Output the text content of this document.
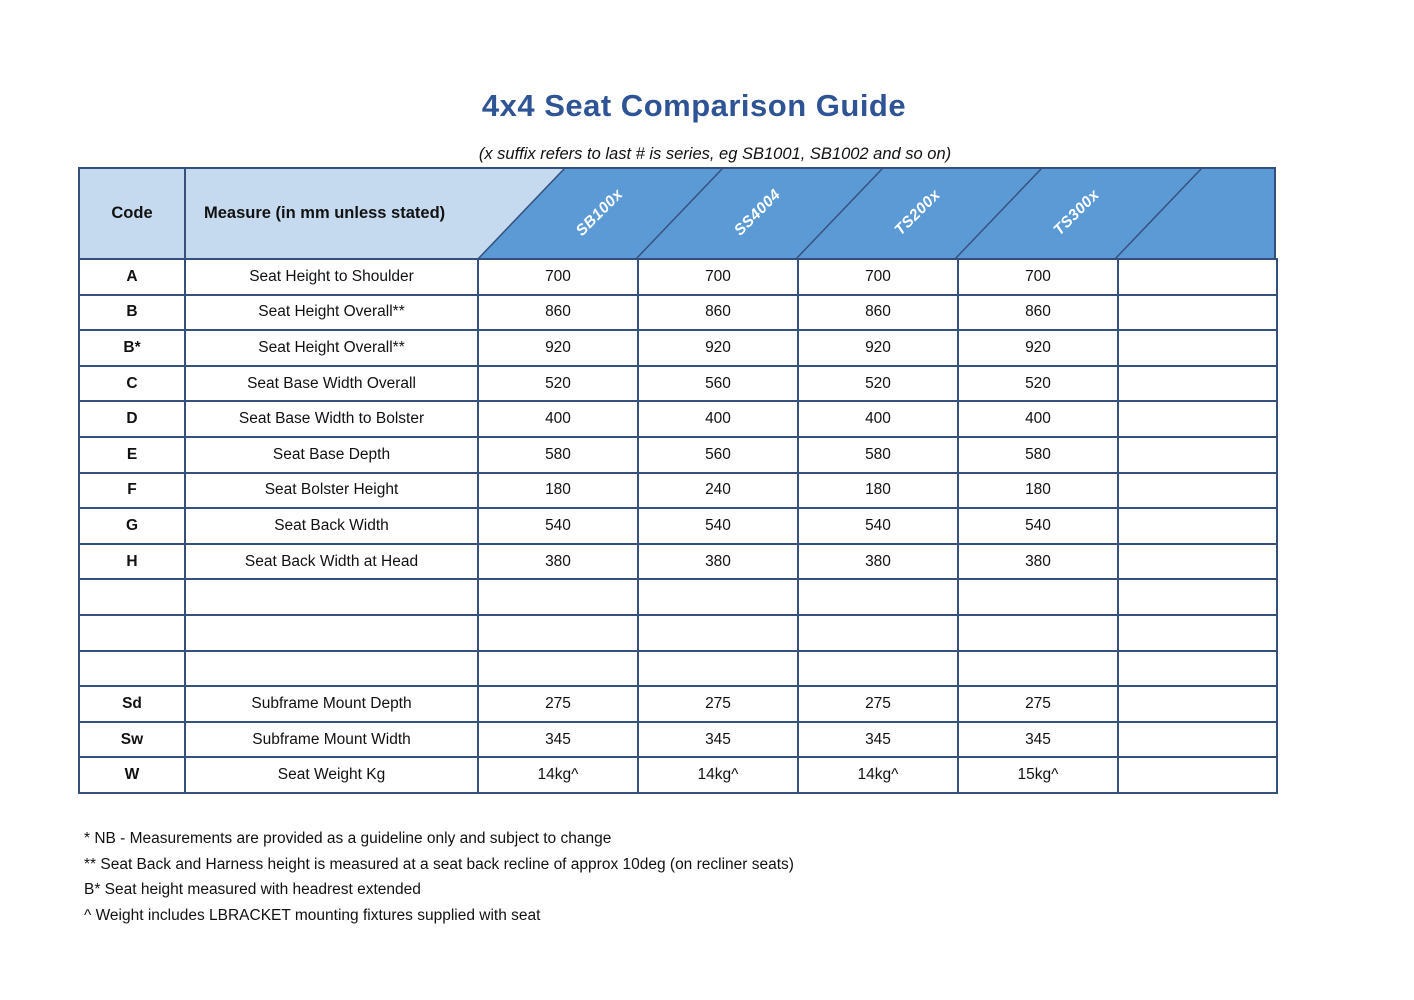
4x4 Seat Comparison Guide
(x suffix refers to last # is series, eg SB1001, SB1002 and so on)
Code	Measure (in mm unless stated)	SB100x	SS4004	TS200x	TS300x
A	Seat Height to Shoulder	700	700	700	700	
B	Seat Height Overall**	860	860	860	860	
B*	Seat Height Overall**	920	920	920	920	
C	Seat Base Width Overall	520	560	520	520	
D	Seat Base Width to Bolster	400	400	400	400	
E	Seat Base Depth	580	560	580	580	
F	Seat Bolster Height	180	240	180	180	
G	Seat Back Width	540	540	540	540	
H	Seat Back Width at Head	380	380	380	380	

Sd	Subframe Mount Depth	275	275	275	275	
Sw	Subframe Mount Width	345	345	345	345	
W	Seat Weight Kg	14kg^	14kg^	14kg^	15kg^	
* NB - Measurements are provided as a guideline only and subject to change
** Seat Back and Harness height is measured at a seat back recline of approx 10deg (on recliner seats)
B* Seat height measured with headrest extended
^ Weight includes LBRACKET mounting fixtures supplied with seat
